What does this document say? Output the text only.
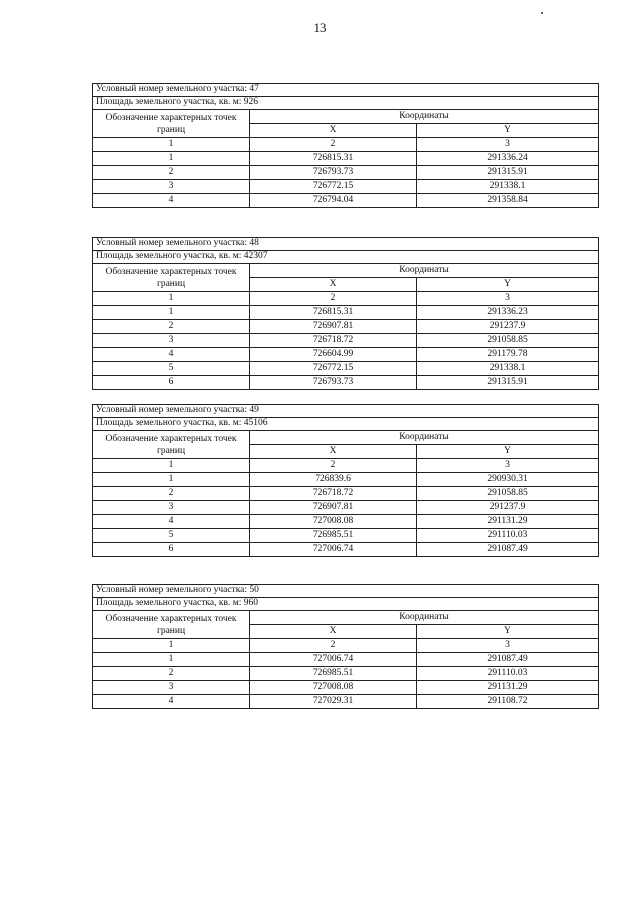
13
Условный номер земельного участка: 47		
Площадь земельного участка, кв. м: 926		
Обозначение характерных точек границ	Координаты	
	X	Y
1	2	3
1	726815.31	291336.24
2	726793.73	291315.91
3	726772.15	291338.1
4	726794.04	291358.84
Условный номер земельного участка: 48		
Площадь земельного участка, кв. м: 42307		
Обозначение характерных точек границ	Координаты	
	X	Y
1	2	3
1	726815.31	291336.23
2	726907.81	291237.9
3	726718.72	291058.85
4	726604.99	291179.78
5	726772.15	291338.1
6	726793.73	291315.91
Условный номер земельного участка: 49		
Площадь земельного участка, кв. м: 45106		
Обозначение характерных точек границ	Координаты	
	X	Y
1	2	3
1	726839.6	290930.31
2	726718.72	291058.85
3	726907.81	291237.9
4	727008.08	291131.29
5	726985.51	291110.03
6	727006.74	291087.49
Условный номер земельного участка: 50		
Площадь земельного участка, кв. м: 960		
Обозначение характерных точек границ	Координаты	
	X	Y
1	2	3
1	727006.74	291087.49
2	726985.51	291110.03
3	727008.08	291131.29
4	727029.31	291108.72
